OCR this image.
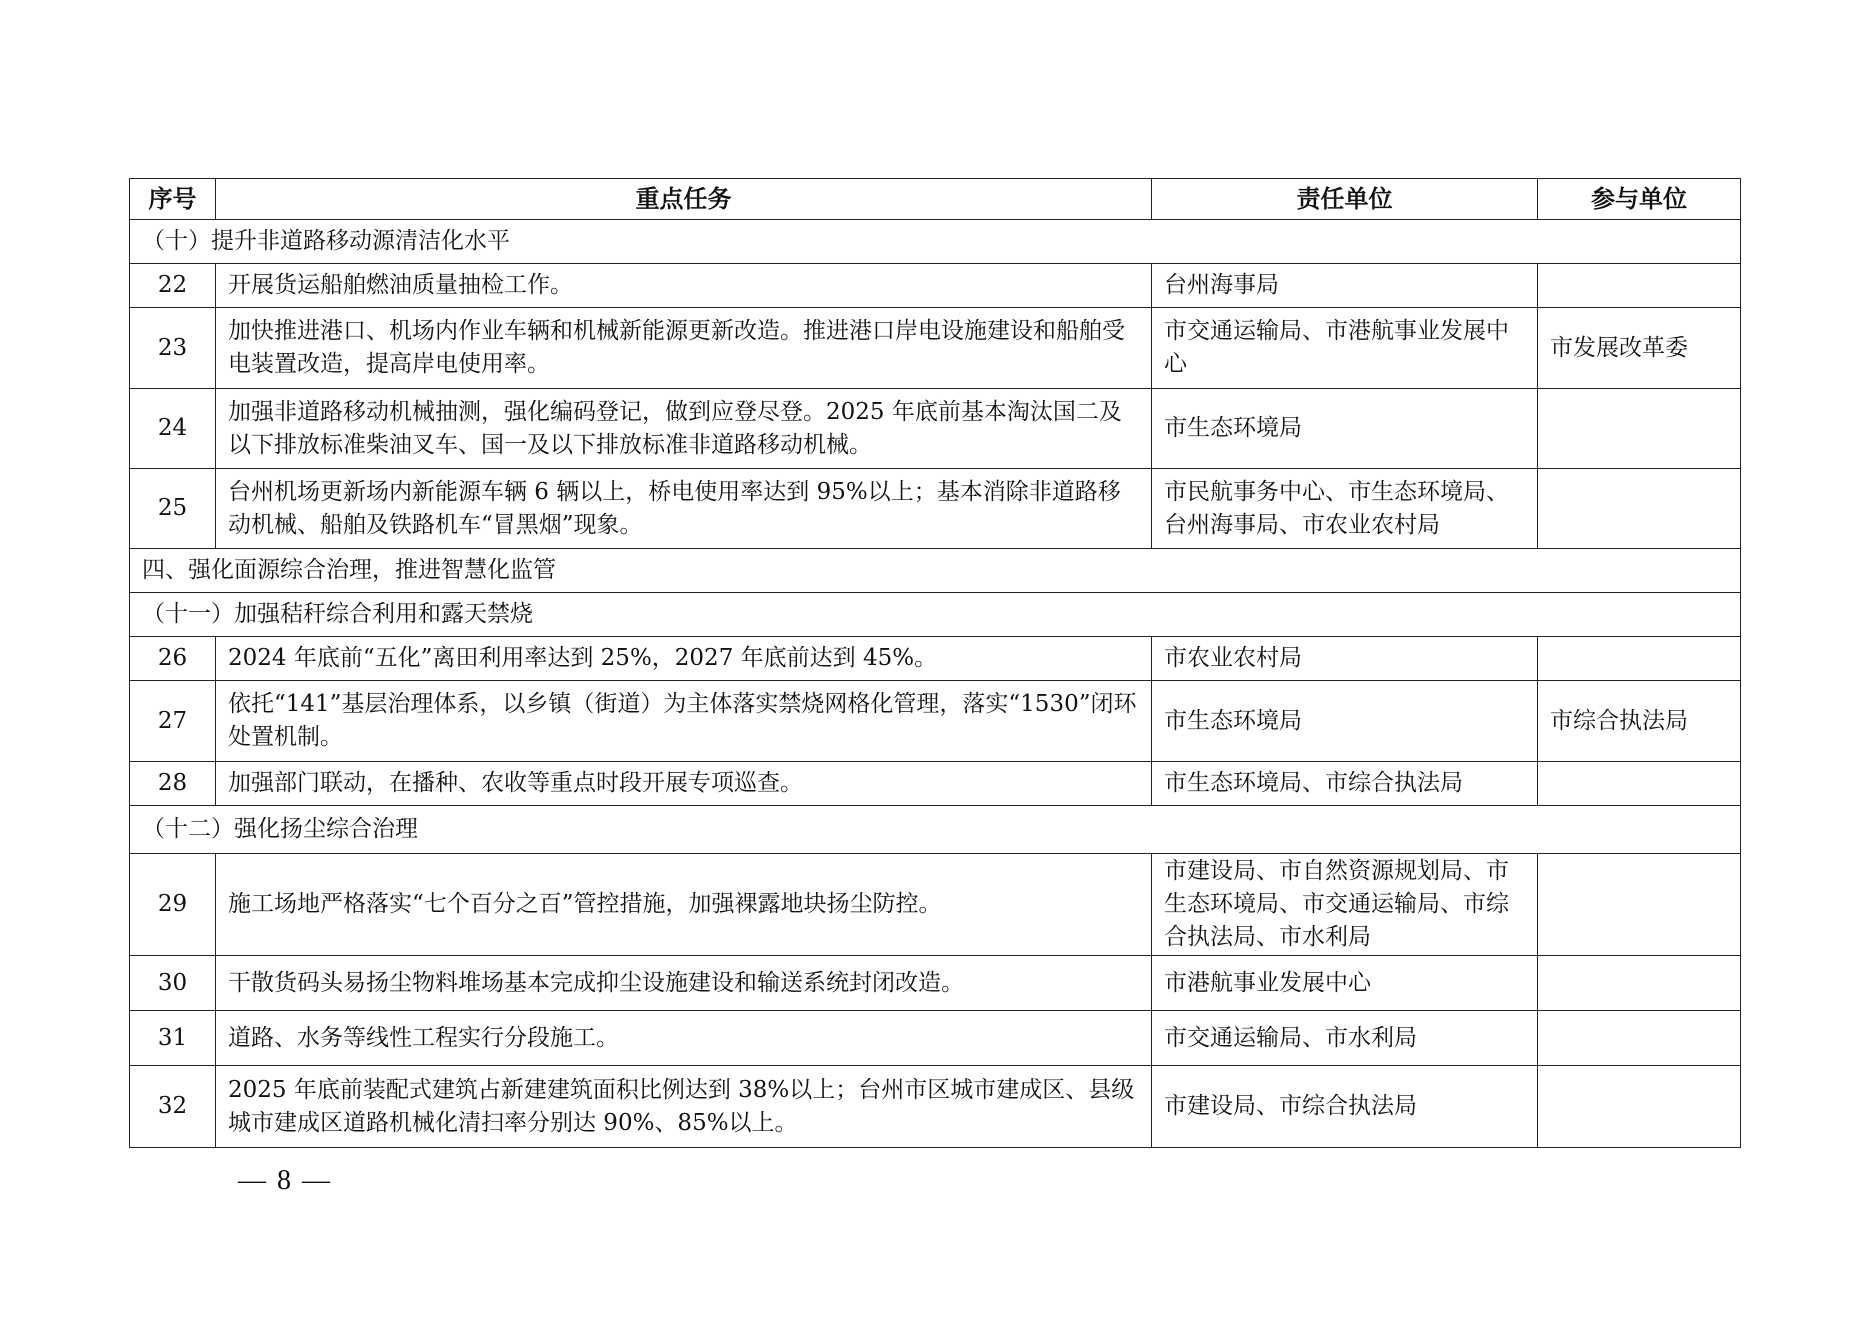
序号	重点任务	责任单位	参与单位
（十）提升非道路移动源清洁化水平			
22	开展货运船舶燃油质量抽检工作。	台州海事局	
23	加快推进港口、机场内作业车辆和机械新能源更新改造。推进港口岸电设施建设和船舶受电装置改造，提高岸电使用率。	市交通运输局、市港航事业发展中心	市发展改革委
24	加强非道路移动机械抽测，强化编码登记，做到应登尽登。2025 年底前基本淘汰国二及以下排放标准柴油叉车、国一及以下排放标准非道路移动机械。	市生态环境局	
25	台州机场更新场内新能源车辆 6 辆以上，桥电使用率达到 95%以上；基本消除非道路移动机械、船舶及铁路机车“冒黑烟”现象。	市民航事务中心、市生态环境局、台州海事局、市农业农村局	
四、强化面源综合治理，推进智慧化监管			
（十一）加强秸秆综合利用和露天禁烧			
26	2024 年底前“五化”离田利用率达到 25%，2027 年底前达到 45%。	市农业农村局	
27	依托“141”基层治理体系，以乡镇（街道）为主体落实禁烧网格化管理，落实“1530”闭环处置机制。	市生态环境局	市综合执法局
28	加强部门联动，在播种、农收等重点时段开展专项巡查。	市生态环境局、市综合执法局	
（十二）强化扬尘综合治理			
29	施工场地严格落实“七个百分之百”管控措施，加强裸露地块扬尘防控。	市建设局、市自然资源规划局、市生态环境局、市交通运输局、市综合执法局、市水利局	
30	干散货码头易扬尘物料堆场基本完成抑尘设施建设和输送系统封闭改造。	市港航事业发展中心	
31	道路、水务等线性工程实行分段施工。	市交通运输局、市水利局	
32	2025 年底前装配式建筑占新建建筑面积比例达到 38%以上；台州市区城市建成区、县级城市建成区道路机械化清扫率分别达 90%、85%以上。	市建设局、市综合执法局	
— 8 —
